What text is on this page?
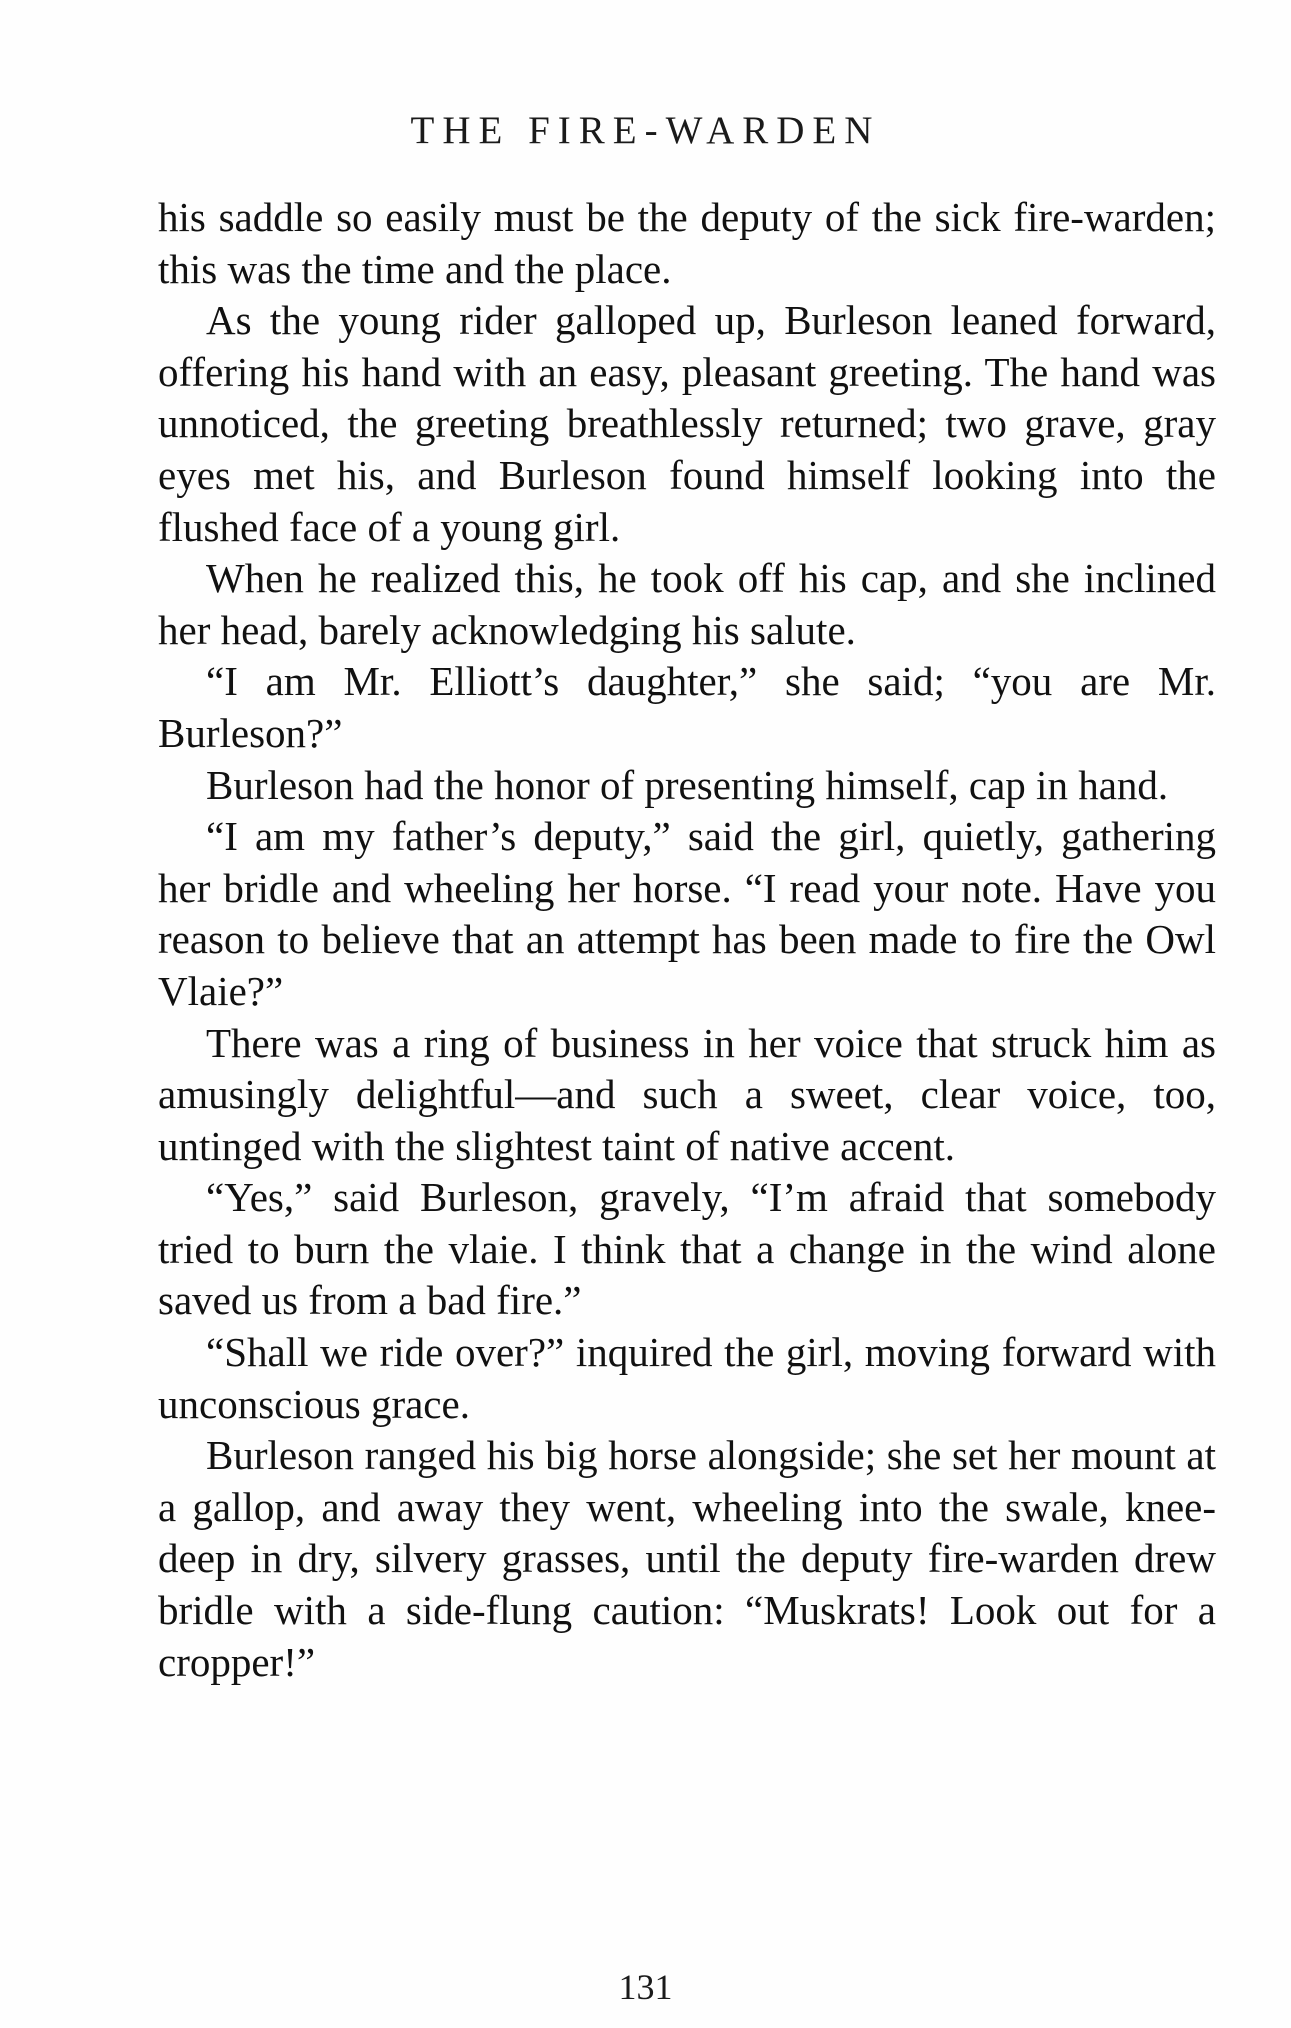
THE FIRE-WARDEN

his saddle so easily must be the deputy of the sick fire-warden; this was the time and the place.

As the young rider galloped up, Burleson leaned forward, offering his hand with an easy, pleasant greeting. The hand was unnoticed, the greeting breathlessly returned; two grave, gray eyes met his, and Burleson found himself looking into the flushed face of a young girl.

When he realized this, he took off his cap, and she inclined her head, barely acknowledging his salute.

“I am Mr. Elliott’s daughter,” she said; “you are Mr. Burleson?”

Burleson had the honor of presenting himself, cap in hand.

“I am my father’s deputy,” said the girl, quietly, gathering her bridle and wheeling her horse. “I read your note. Have you reason to believe that an attempt has been made to fire the Owl Vlaie?”

There was a ring of business in her voice that struck him as amusingly delightful—and such a sweet, clear voice, too, untinged with the slightest taint of native accent.

“Yes,” said Burleson, gravely, “I’m afraid that somebody tried to burn the vlaie. I think that a change in the wind alone saved us from a bad fire.”

“Shall we ride over?” inquired the girl, moving forward with unconscious grace.

Burleson ranged his big horse alongside; she set her mount at a gallop, and away they went, wheeling into the swale, knee-deep in dry, silvery grasses, until the deputy fire-warden drew bridle with a side-flung caution: “Muskrats! Look out for a cropper!”

131
